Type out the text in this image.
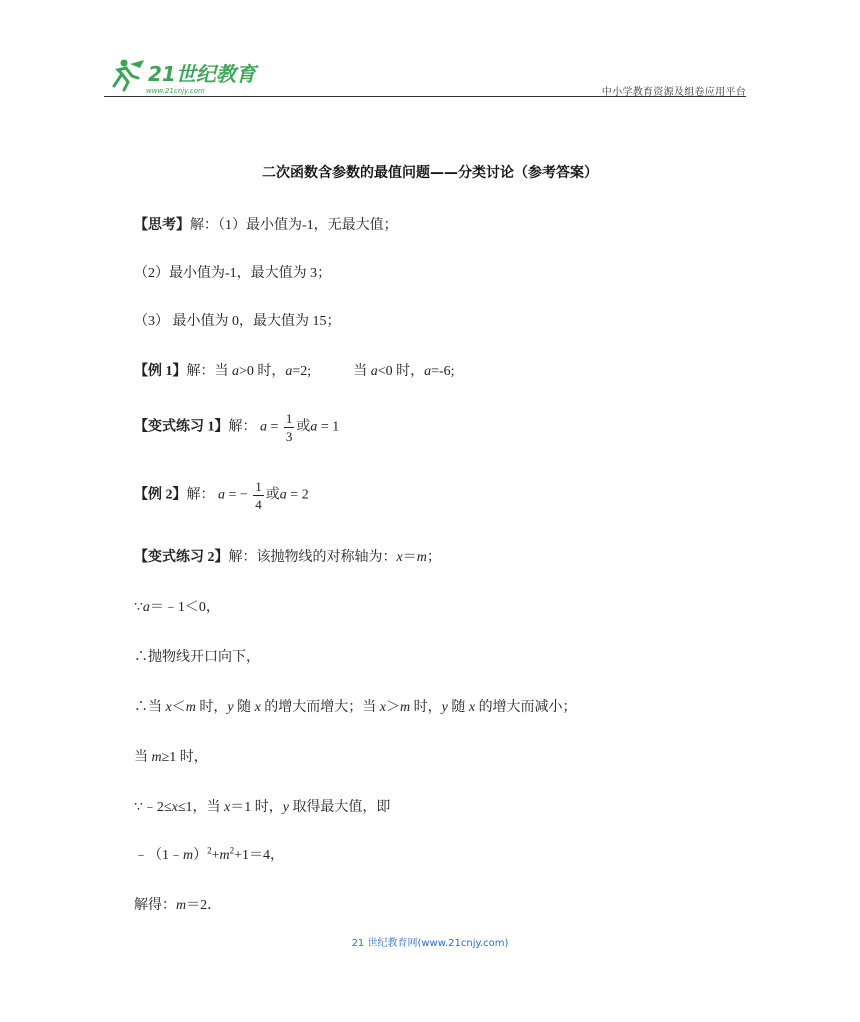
21世纪教育
www.21cnjy.com	中小学教育资源及组卷应用平台
二次函数含参数的最值问题——分类讨论（参考答案）
【思考】解：（1）最小值为-1，无最大值；
（2）最小值为-1，最大值为 3；
（3） 最小值为 0，最大值为 15；
【例 1】解：当 a>0 时，a=2;	当 a<0 时，a=-6;
【变式练习 1】解： $a = \frac{1}{3}$ 或a = 1
【例 2】解： a = − $\frac{1}{4}$ 或a = 2
【变式练习 2】解：该抛物线的对称轴为：x＝m；
∵a＝﹣1＜0，
∴抛物线开口向下，
∴当 x＜m 时，y 随 x 的增大而增大；当 x＞m 时，y 随 x 的增大而减小；
当 m≥1 时，
∵﹣2≤x≤1，当 x＝1 时，y 取得最大值，即
$﹣(1﹣m)^2+m^2+1=4$，
解得：m＝2．
21 世纪教育网(www.21cnjy.com)
